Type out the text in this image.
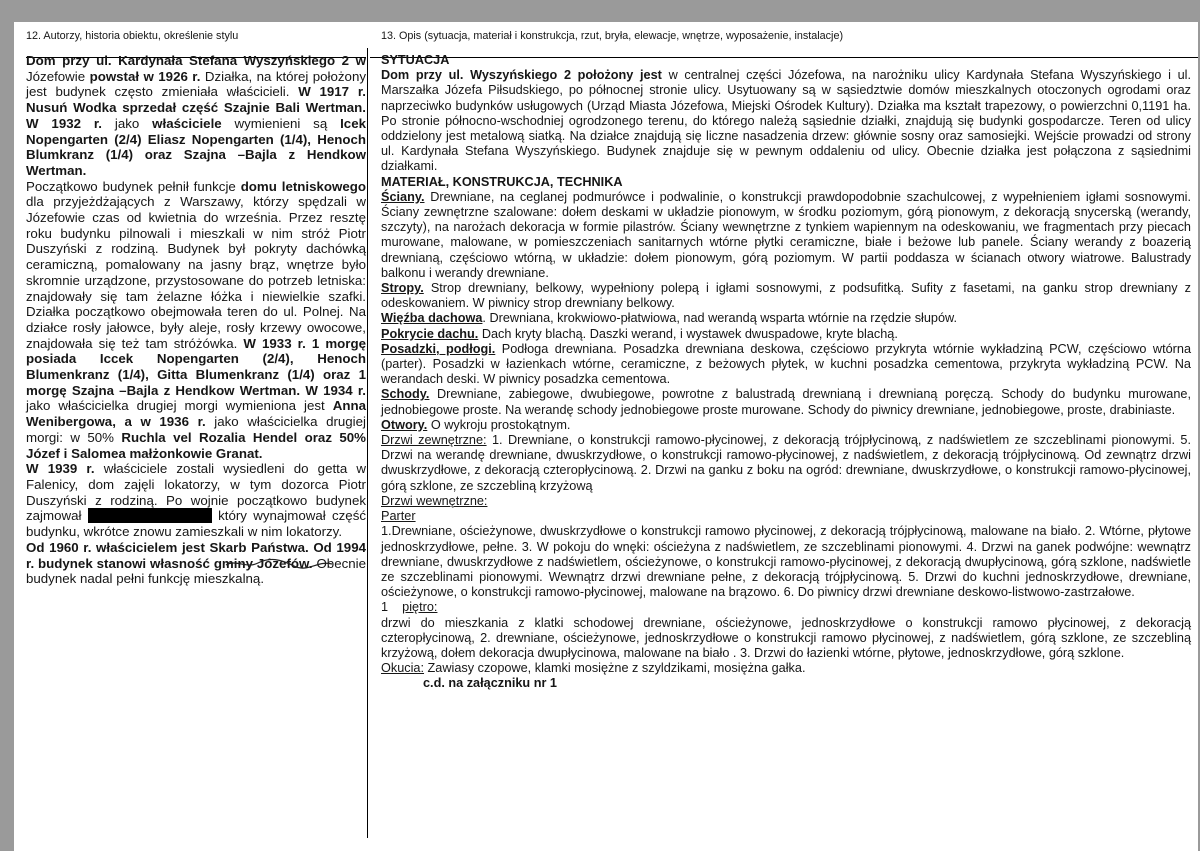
12. Autorzy, historia obiektu, określenie stylu

Dom przy ul. Kardynała Stefana Wyszyńskiego 2 w Józefowie powstał w 1926 r. Działka, na której położony jest budynek często zmieniała właścicieli. W 1917 r. Nusuń Wodka sprzedał część Szajnie Bali Wertman. W 1932 r. jako właściciele wymienieni są Icek Nopengarten (2/4) Eliasz Nopengarten (1/4), Henoch Blumkranz (1/4) oraz Szajna –Bajla z Hendkow Wertman.

Początkowo budynek pełnił funkcje domu letniskowego dla przyjeżdżających z Warszawy, którzy spędzali w Józefowie czas od kwietnia do września. Przez resztę roku budynku pilnowali i mieszkali w nim stróż Piotr Duszyński z rodziną. Budynek był pokryty dachówką ceramiczną, pomalowany na jasny brąz, wnętrze było skromnie urządzone, przystosowane do potrzeb letniska: znajdowały się tam żelazne łóżka i niewielkie szafki. Działka początkowo obejmowała teren do ul. Polnej. Na działce rosły jałowce, były aleje, rosły krzewy owocowe, znajdowała się też tam stróżówka. W 1933 r. 1 morgę posiada Iccek Nopengarten (2/4), Henoch Blumenkranz (1/4), Gitta Blumenkranz (1/4) oraz 1 morgę Szajna –Bajla z Hendkow Wertman. W 1934 r. jako właścicielka drugiej morgi wymieniona jest Anna Wenibergowa, a w 1936 r. jako właścicielka drugiej morgi: w 50% Ruchla vel Rozalia Hendel oraz 50% Józef i Salomea małżonkowie Granat.

W 1939 r. właściciele zostali wysiedleni do getta w Falenicy, dom zajęli lokatorzy, w tym dozorca Piotr Duszyński z rodziną. Po wojnie początkowo budynek zajmował	który wynajmował część budynku, wkrótce znowu zamieszkali w nim lokatorzy.

Od 1960 r. właścicielem jest Skarb Państwa. Od 1994 r. budynek stanowi własność gminy Józefów. Obecnie budynek nadal pełni funkcję mieszkalną.

13. Opis (sytuacja, materiał i konstrukcja, rzut, bryła, elewacje, wnętrze, wyposażenie, instalacje)

SYTUACJA

Dom przy ul. Wyszyńskiego 2 położony jest w centralnej części Józefowa, na narożniku ulicy Kardynała Stefana Wyszyńskiego i ul. Marszałka Józefa Piłsudskiego, po północnej stronie ulicy. Usytuowany są w sąsiedztwie domów mieszkalnych otoczonych ogrodami oraz naprzeciwko budynków usługowych (Urząd Miasta Józefowa, Miejski Ośrodek Kultury). Działka ma kształt trapezowy, o powierzchni 0,1191 ha. Po stronie północno-wschodniej ogrodzonego terenu, do którego należą sąsiednie działki, znajdują się budynki gospodarcze. Teren od ulicy oddzielony jest metalową siatką. Na działce znajdują się liczne nasadzenia drzew: głównie sosny oraz samosiejki. Wejście prowadzi od strony ul. Kardynała Stefana Wyszyńskiego. Budynek znajduje się w pewnym oddaleniu od ulicy. Obecnie działka jest połączona z sąsiednimi działkami.

MATERIAŁ, KONSTRUKCJA, TECHNIKA

Ściany. Drewniane, na ceglanej podmurówce i podwalinie, o konstrukcji prawdopodobnie szachulcowej, z wypełnieniem igłami sosnowymi. Ściany zewnętrzne szalowane: dołem deskami w układzie pionowym, w środku poziomym, górą pionowym, z dekoracją snycerską (werandy, szczyty), na narożach dekoracja w formie pilastrów. Ściany wewnętrzne z tynkiem wapiennym na odeskowaniu, we fragmentach przy piecach murowane, malowane, w pomieszczeniach sanitarnych wtórne płytki ceramiczne, białe i beżowe lub panele. Ściany werandy z boazerią drewnianą, częściowo wtórną, w układzie: dołem pionowym, górą poziomym. W partii poddasza w ścianach otwory wiatrowe. Balustrady balkonu i werandy drewniane.

Stropy. Strop drewniany, belkowy, wypełniony polepą i igłami sosnowymi, z podsufitką. Sufity z fasetami, na ganku strop drewniany z odeskowaniem. W piwnicy strop drewniany belkowy.

Więźba dachowa. Drewniana, krokwiowo-płatwiowa, nad werandą wsparta wtórnie na rzędzie słupów.

Pokrycie dachu. Dach kryty blachą. Daszki werand, i wystawek dwuspadowe, kryte blachą.

Posadzki, podłogi. Podłoga drewniana. Posadzka drewniana deskowa, częściowo przykryta wtórnie wykładziną PCW, częściowo wtórna (parter). Posadzki w łazienkach wtórne, ceramiczne, z beżowych płytek, w kuchni posadzka cementowa, przykryta wykładziną PCW. Na werandach deski. W piwnicy posadzka cementowa.

Schody. Drewniane, zabiegowe, dwubiegowe, powrotne z balustradą drewnianą i drewnianą poręczą. Schody do budynku murowane, jednobiegowe proste. Na werandę schody jednobiegowe proste murowane. Schody do piwnicy drewniane, jednobiegowe, proste, drabiniaste.

Otwory. O wykroju prostokątnym.

Drzwi zewnętrzne: 1. Drewniane, o konstrukcji ramowo-płycinowej, z dekoracją trójpłycinową, z nadświetlem ze szczeblinami pionowymi. 5. Drzwi na werandę drewniane, dwuskrzydłowe, o konstrukcji ramowo-płycinowej, z nadświetlem, z dekoracją trójpłycinową. Od zewnątrz drzwi dwuskrzydłowe, z dekoracją czteropłycinową. 2. Drzwi na ganku z boku na ogród: drewniane, dwuskrzydłowe, o konstrukcji ramowo-płycinowej, górą szklone, ze szczebliną krzyżową

Drzwi wewnętrzne:

Parter

1.Drewniane, ościeżynowe, dwuskrzydłowe o konstrukcji ramowo płycinowej, z dekoracją trójpłycinową, malowane na biało. 2. Wtórne, płytowe jednoskrzydłowe, pełne. 3. W pokoju do wnęki: ościeżyna z nadświetlem, ze szczeblinami pionowymi. 4. Drzwi na ganek podwójne: wewnątrz drewniane, dwuskrzydłowe z nadświetlem, ościeżynowe, o konstrukcji ramowo-płycinowej, z dekoracją dwupłycinową, górą szklone, nadświetle ze szczeblinami pionowymi. Wewnątrz drzwi drewniane pełne, z dekoracją trójpłycinową. 5. Drzwi do kuchni jednoskrzydłowe, drewniane, ościeżynowe, o konstrukcji ramowo-płycinowej, malowane na brązowo. 6. Do piwnicy drzwi drewniane deskowo-listwowo-zastrzałowe.

1 piętro:

drzwi do mieszkania z klatki schodowej drewniane, ościeżynowe, jednoskrzydłowe o konstrukcji ramowo płycinowej, z dekoracją czteropłycinową, 2. drewniane, ościeżynowe, jednoskrzydłowe o konstrukcji ramowo płycinowej, z nadświetlem, górą szklone, ze szczebliną krzyżową, dołem dekoracja dwupłycinowa, malowane na biało . 3. Drzwi do łazienki wtórne, płytowe, jednoskrzydłowe, górą szklone.

Okucia: Zawiasy czopowe, klamki mosiężne z szyldzikami, mosiężna gałka.

c.d. na załączniku nr 1
